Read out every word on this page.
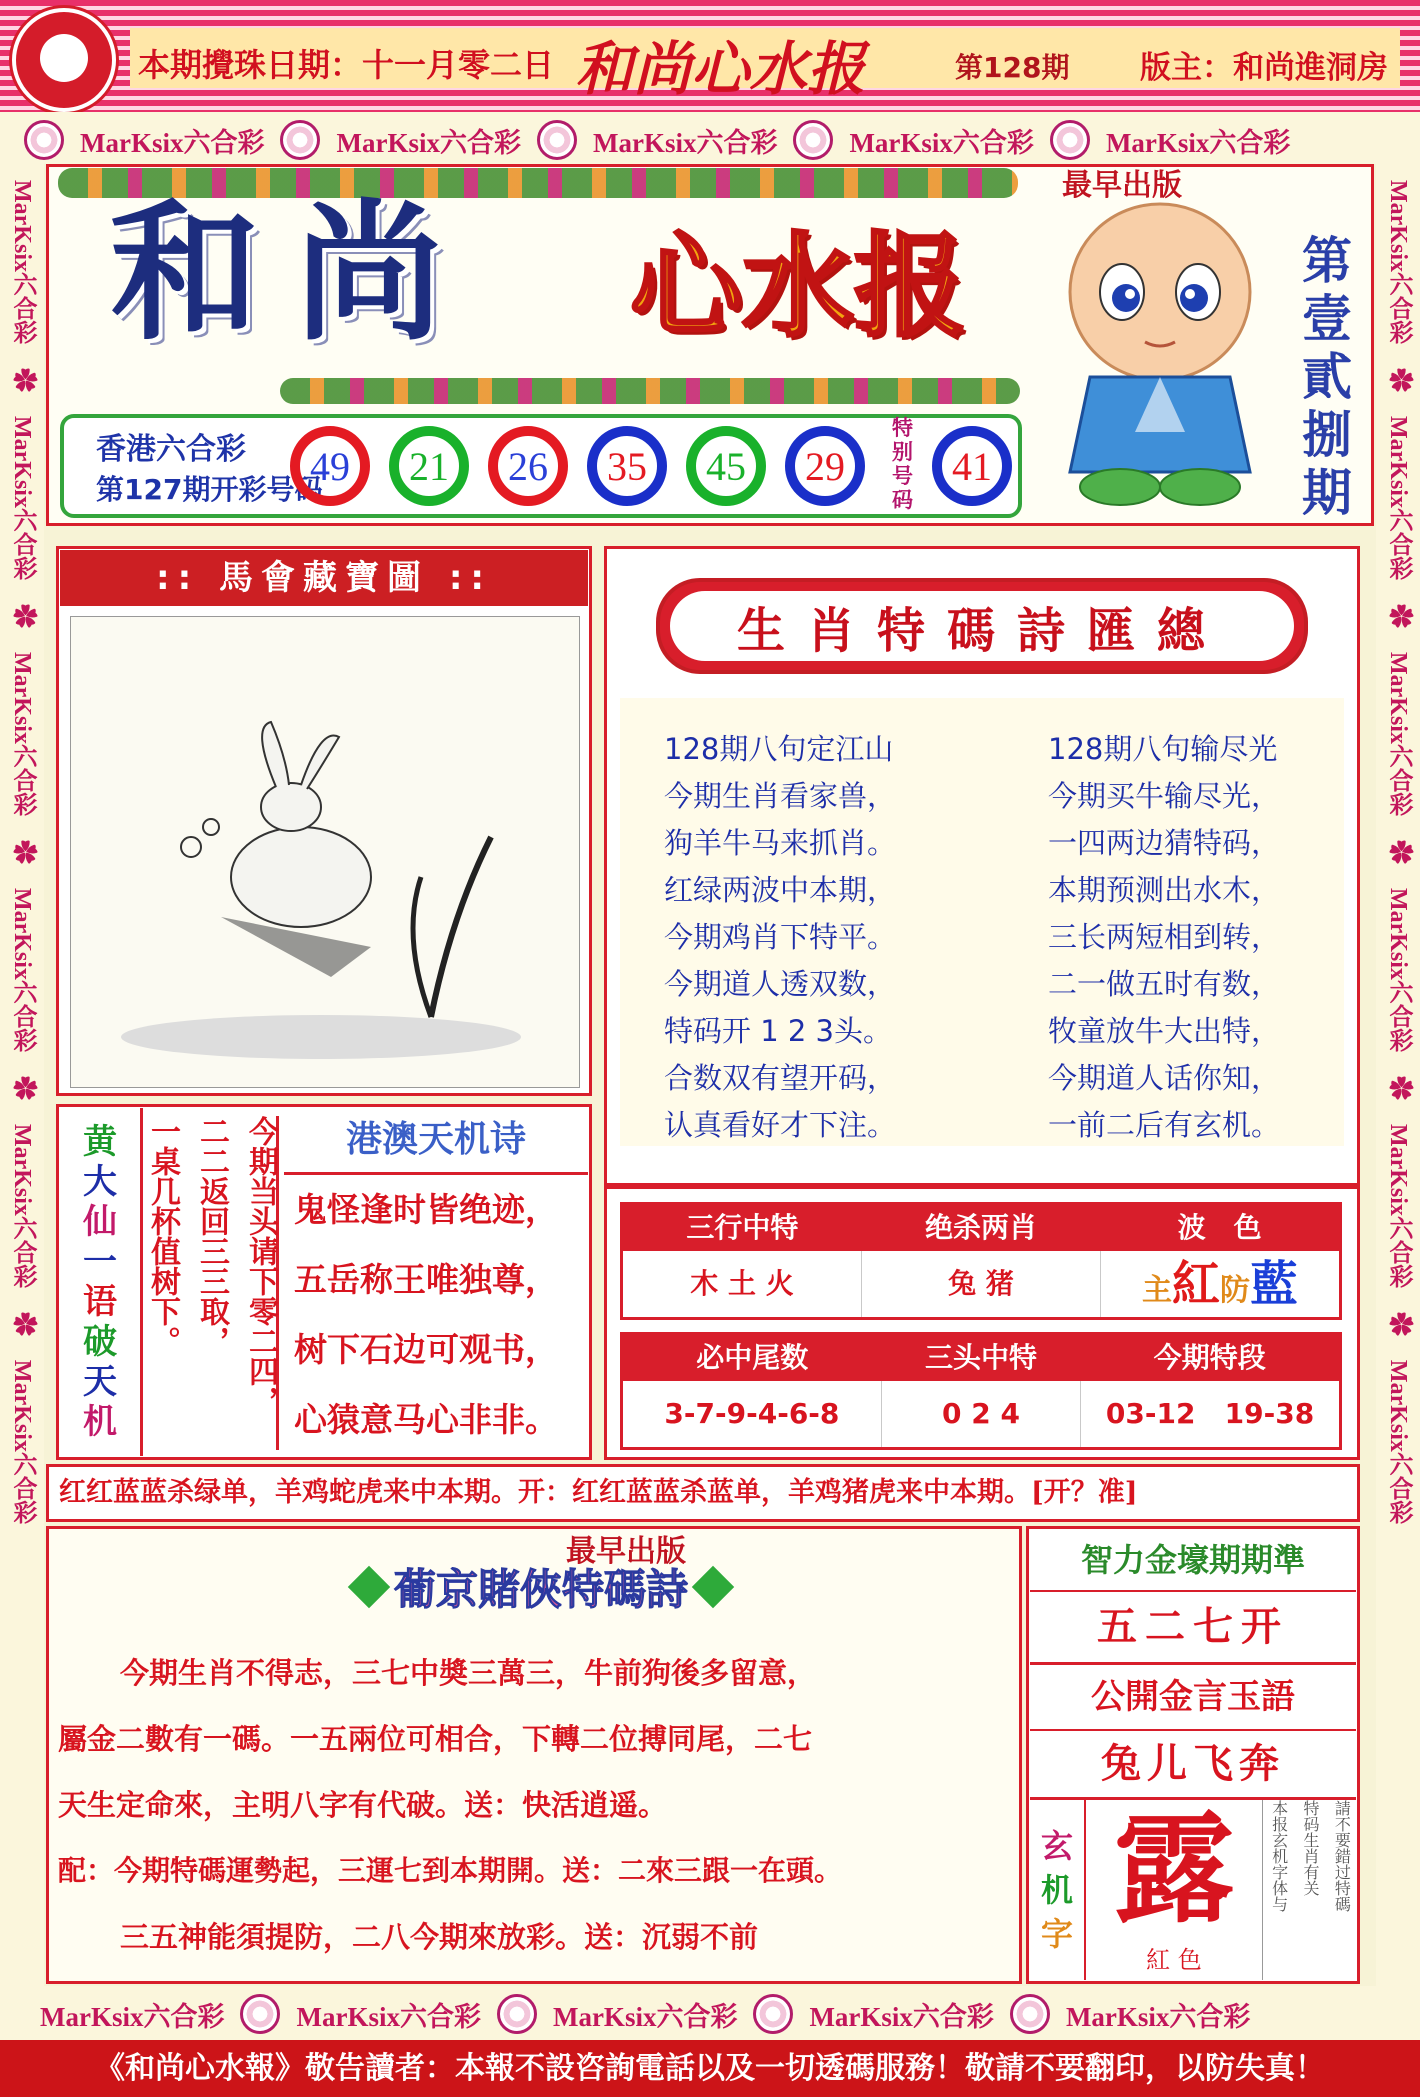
本期攪珠日期：十一月零二日 和尚心水报	第128期 版主：和尚進洞房
MarKsix六合彩	MarKsix六合彩	MarKsix六合彩	MarKsix六合彩	MarKsix六合彩
MarKsix六合彩　✿　MarKsix六合彩　✿　MarKsix六合彩　✿　MarKsix六合彩　✿　MarKsix六合彩　✿　MarKsix六合彩
MarKsix六合彩　✿　MarKsix六合彩　✿　MarKsix六合彩　✿　MarKsix六合彩　✿　MarKsix六合彩　✿　MarKsix六合彩
MarKsix六合彩	MarKsix六合彩	MarKsix六合彩	MarKsix六合彩	MarKsix六合彩
和尚 心水报
最早出版
第
壹
貳
捌
期
香港六合彩
第127期开彩号码
49	21	26	35	45	29
特
别
号
码
41
:: 馬會藏寶圖 ::
生肖特碼詩匯總
128期八句定江山
今期生肖看家兽，
狗羊牛马来抓肖。
红绿两波中本期，
今期鸡肖下特平。
今期道人透双数，
特码开 1 2 3头。
合数双有望开码，
认真看好才下注。
128期八句输尽光
今期买牛输尽光，
一四两边猜特码，
本期预测出水木，
三长两短相到转，
二一做五时有数，
牧童放牛大出特，
今期道人话你知，
一前二后有玄机。
黄
大
仙
一
语
破
天
机
今期当头请下零二四，
二二返回三三取，
一桌几杯值树下。	港澳天机诗
鬼怪逢时皆绝迹，
五岳称王唯独尊，
树下石边可观书，
心猿意马心非非。
三行中特	绝杀两肖	波　色
木 土 火	兔 猪	主紅防藍
必中尾数	三头中特	今期特段
3-7-9-4-6-8	0 2 4	03-12   19-38
红红蓝蓝杀绿单，羊鸡蛇虎来中本期。开：红红蓝蓝杀蓝单，羊鸡猪虎来中本期。[开？准]
最早出版
葡京賭俠特碼詩
今期生肖不得志，三七中奬三萬三，牛前狗後多留意，
屬金二數有一碼。一五兩位可相合，下轉二位搏同尾，二七
天生定命來，主明八字有代破。送：快活逍遥。
配：今期特碼運勢起，三運七到本期開。送：二來三跟一在頭。
三五神能須提防，二八今期來放彩。送：沉弱不前
智力金壕期期準
五二七开
公開金言玉語
兔儿飞奔
玄
机
字 露
紅 色
請不要錯过特碼
特码生肖有关
本报玄机字体与
《和尚心水報》敬告讀者：本報不設咨詢電話以及一切透碼服務！敬請不要翻印，以防失真！
